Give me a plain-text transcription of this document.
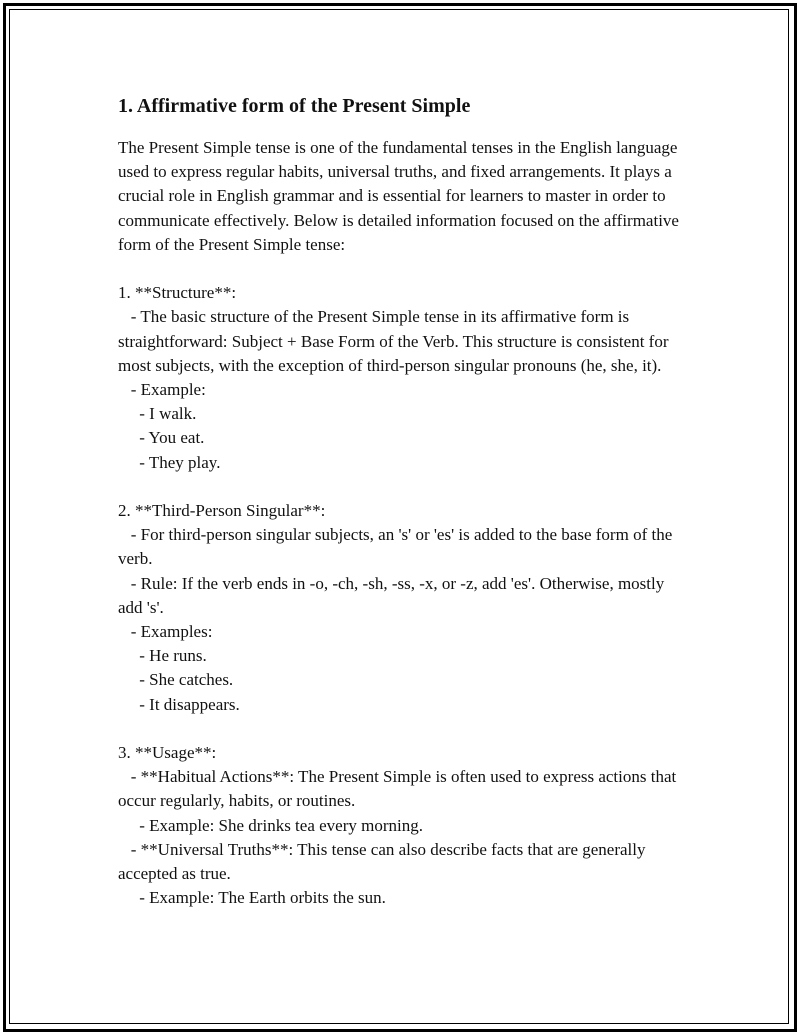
1. Affirmative form of the Present Simple

The Present Simple tense is one of the fundamental tenses in the English language used to express regular habits, universal truths, and fixed arrangements. It plays a crucial role in English grammar and is essential for learners to master in order to communicate effectively. Below is detailed information focused on the affirmative form of the Present Simple tense:

1. **Structure**:

- The basic structure of the Present Simple tense in its affirmative form is straightforward: Subject + Base Form of the Verb. This structure is consistent for most subjects, with the exception of third-person singular pronouns (he, she, it).

- Example:

- I walk.

- You eat.

- They play.

2. **Third-Person Singular**:

- For third-person singular subjects, an 's' or 'es' is added to the base form of the verb.

- Rule: If the verb ends in -o, -ch, -sh, -ss, -x, or -z, add 'es'. Otherwise, mostly add 's'.

- Examples:

- He runs.

- She catches.

- It disappears.

3. **Usage**:

- **Habitual Actions**: The Present Simple is often used to express actions that occur regularly, habits, or routines.

- Example: She drinks tea every morning.

- **Universal Truths**: This tense can also describe facts that are generally accepted as true.

- Example: The Earth orbits the sun.
